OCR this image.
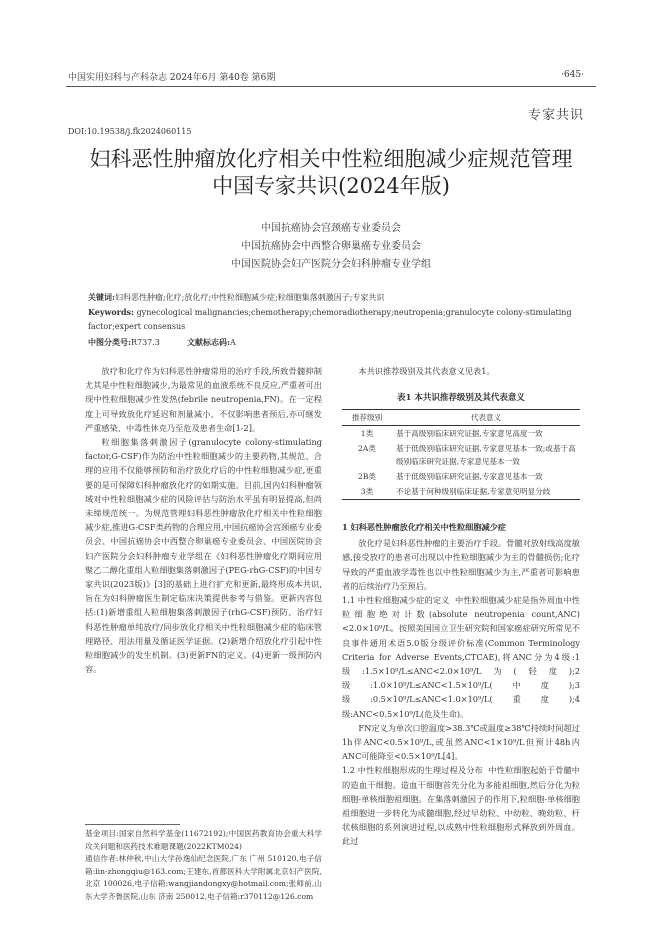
中国实用妇科与产科杂志 2024年6月 第40卷 第6期	·645·
专家共识
DOI:10.19538/j.fk2024060115
妇科恶性肿瘤放化疗相关中性粒细胞减少症规范管理
中国专家共识(2024年版)
中国抗癌协会宫颈癌专业委员会
中国抗癌协会中西整合卵巢癌专业委员会
中国医院协会妇产医院分会妇科肿瘤专业学组
关键词:妇科恶性肿瘤;化疗;放化疗;中性粒细胞减少症;粒细胞集落刺激因子;专家共识
Keywords: gynecological malignancies;chemotherapy;chemoradiotherapy;neutropenia;granulocyte colony-stimulating factor;expert consensus
中图分类号:R737.3	文献标志码:A

放疗和化疗作为妇科恶性肿瘤常用的治疗手段,所致骨髓抑制尤其是中性粒细胞减少,为最常见的血液系统不良反应,严重者可出现中性粒细胞减少性发热(febrile neutropenia,FN)。在一定程度上可导致放化疗延迟和剂量减小、不仅影响患者预后,亦可继发严重感染、中毒性休克乃至危及患者生命[1-2]。

粒细胞集落刺激因子(granulocyte colony-stimulating factor,G-CSF)作为防治中性粒细胞减少的主要药物,其规范、合理的应用不仅能够预防和治疗放化疗后的中性粒细胞减少症,更重要的是可保障妇科肿瘤放化疗的如期实施。目前,国内妇科肿瘤领域对中性粒细胞减少症的风险评估与防治水平虽有明显提高,但尚未缔规范统一。为规范管理妇科恶性肿瘤放化疗相关中性粒细胞减少症,推进G-CSF类药物的合理应用,中国抗癌协会宫颈癌专业委员会、中国抗癌协会中西整合卵巢癌专业委员会、中国医院协会妇产医院分会妇科肿瘤专业学组在《妇科恶性肿瘤化疗期间应用聚乙二醇化重组人粒细胞集落刺激因子(PEG-rhG-CSF)的中国专家共识(2023版)》[3]的基础上进行扩充和更新,最终形成本共识,旨在为妇科肿瘤医生制定临床决策提供参考与借鉴。更新内容包括:(1)新增重组人粒细胞集落刺激因子(rhG-CSF)预防、治疗妇科恶性肿瘤单纯放疗/同步放化疗相关中性粒细胞减少症的临床管理路径、用法用量及循证医学证据。(2)新增介绍放化疗引起中性粒细胞减少的发生机制。(3)更新FN的定义。(4)更新一级预防内容。

基金项目:国家自然科学基金(11672192);中国医药教育协会重大科学攻关问题和医药技术难题课题(2022KTM024)
通信作者:林仲秋,中山大学孙逸仙纪念医院,广东 广州 510120,电子信箱:lin-zhongqiu@163.com;王建东,首都医科大学附属北京妇产医院,北京 100026,电子信箱:wangjiandongxy@hotmail.com;张师前,山东大学齐鲁医院,山东 济南 250012,电子信箱:r370112@126.com

本共识推荐级别及其代表意义见表1。

表1 本共识推荐级别及其代表意义
推荐级别	代表意义
1类	基于高级别临床研究证据,专家意见高度一致
2A类	基于低级别临床研究证据,专家意见基本一致;或基于高级别临床研究证据,专家意见基本一致
2B类	基于低级别临床研究证据,专家意见基本一致
3类	不论基于何种级别临床证据,专家意见明显分歧

1 妇科恶性肿瘤放化疗相关中性粒细胞减少症

放化疗是妇科恶性肿瘤的主要治疗手段。骨髓对放射线高度敏感,接受放疗的患者可出现以中性粒细胞减少为主的骨髓损伤;化疗导致的严重血液学毒性也以中性粒细胞减少为主,严重者可影响患者的后续治疗乃至预后。

1.1 中性粒细胞减少症的定义 中性粒细胞减少症是指外周血中性粒细胞绝对计数(absolute neutropenia count,ANC)<2.0×10⁹/L。按照美国国立卫生研究院和国家癌症研究所常见不良事件通用术语5.0版分级评价标准(Common Terminology Criteria for Adverse Events,CTCAE),将ANC分为4级:1级:1.5×10⁹/L≤ANC<2.0×10⁹/L为(轻度);2级:1.0×10⁹/L≤ANC<1.5×10⁹/L(中度);3级:0.5×10⁹/L≤ANC<1.0×10⁹/L(重度);4级:ANC<0.5×10⁹/L(危及生命)。

FN定义为单次口腔温度>38.3℃或温度≥38℃持续时间超过1h伴ANC<0.5×10⁹/L,或虽然ANC<1×10⁹/L但预计48h内ANC可能降至<0.5×10⁹/L[4]。

1.2 中性粒细胞形成的生理过程及分布 中性粒细胞起始于骨髓中的造血干细胞。造血干细胞首先分化为多能祖细胞,然后分化为粒细胞-单核细胞祖细胞。在集落刺激因子的作用下,粒细胞-单核细胞祖细胞进一步转化为成髓细胞,经过早幼粒、中幼粒、晚幼粒、杆状核细胞的系列演进过程,以成熟中性粒细胞形式释放到外周血。此过
